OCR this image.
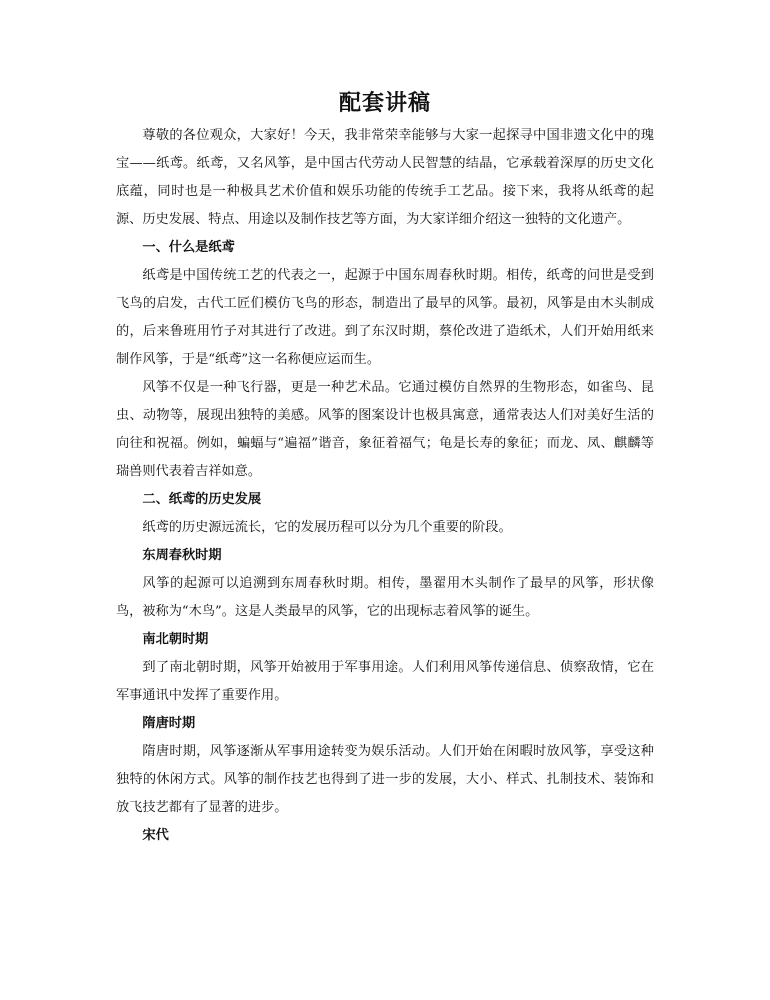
配套讲稿

尊敬的各位观众，大家好！今天，我非常荣幸能够与大家一起探寻中国非遗文化中的瑰宝——纸鸢。纸鸢，又名风筝，是中国古代劳动人民智慧的结晶，它承载着深厚的历史文化底蕴，同时也是一种极具艺术价值和娱乐功能的传统手工艺品。接下来，我将从纸鸢的起源、历史发展、特点、用途以及制作技艺等方面，为大家详细介绍这一独特的文化遗产。

一、什么是纸鸢

纸鸢是中国传统工艺的代表之一，起源于中国东周春秋时期。相传，纸鸢的问世是受到飞鸟的启发，古代工匠们模仿飞鸟的形态，制造出了最早的风筝。最初，风筝是由木头制成的，后来鲁班用竹子对其进行了改进。到了东汉时期，蔡伦改进了造纸术，人们开始用纸来制作风筝，于是“纸鸢”这一名称便应运而生。

风筝不仅是一种飞行器，更是一种艺术品。它通过模仿自然界的生物形态，如雀鸟、昆虫、动物等，展现出独特的美感。风筝的图案设计也极具寓意，通常表达人们对美好生活的向往和祝福。例如，蝙蝠与“遍福”谐音，象征着福气；龟是长寿的象征；而龙、凤、麒麟等瑞兽则代表着吉祥如意。

二、纸鸢的历史发展

纸鸢的历史源远流长，它的发展历程可以分为几个重要的阶段。

东周春秋时期

风筝的起源可以追溯到东周春秋时期。相传，墨翟用木头制作了最早的风筝，形状像鸟，被称为“木鸟”。这是人类最早的风筝，它的出现标志着风筝的诞生。

南北朝时期

到了南北朝时期，风筝开始被用于军事用途。人们利用风筝传递信息、侦察敌情，它在军事通讯中发挥了重要作用。

隋唐时期

隋唐时期，风筝逐渐从军事用途转变为娱乐活动。人们开始在闲暇时放风筝，享受这种独特的休闲方式。风筝的制作技艺也得到了进一步的发展，大小、样式、扎制技术、装饰和放飞技艺都有了显著的进步。

宋代
